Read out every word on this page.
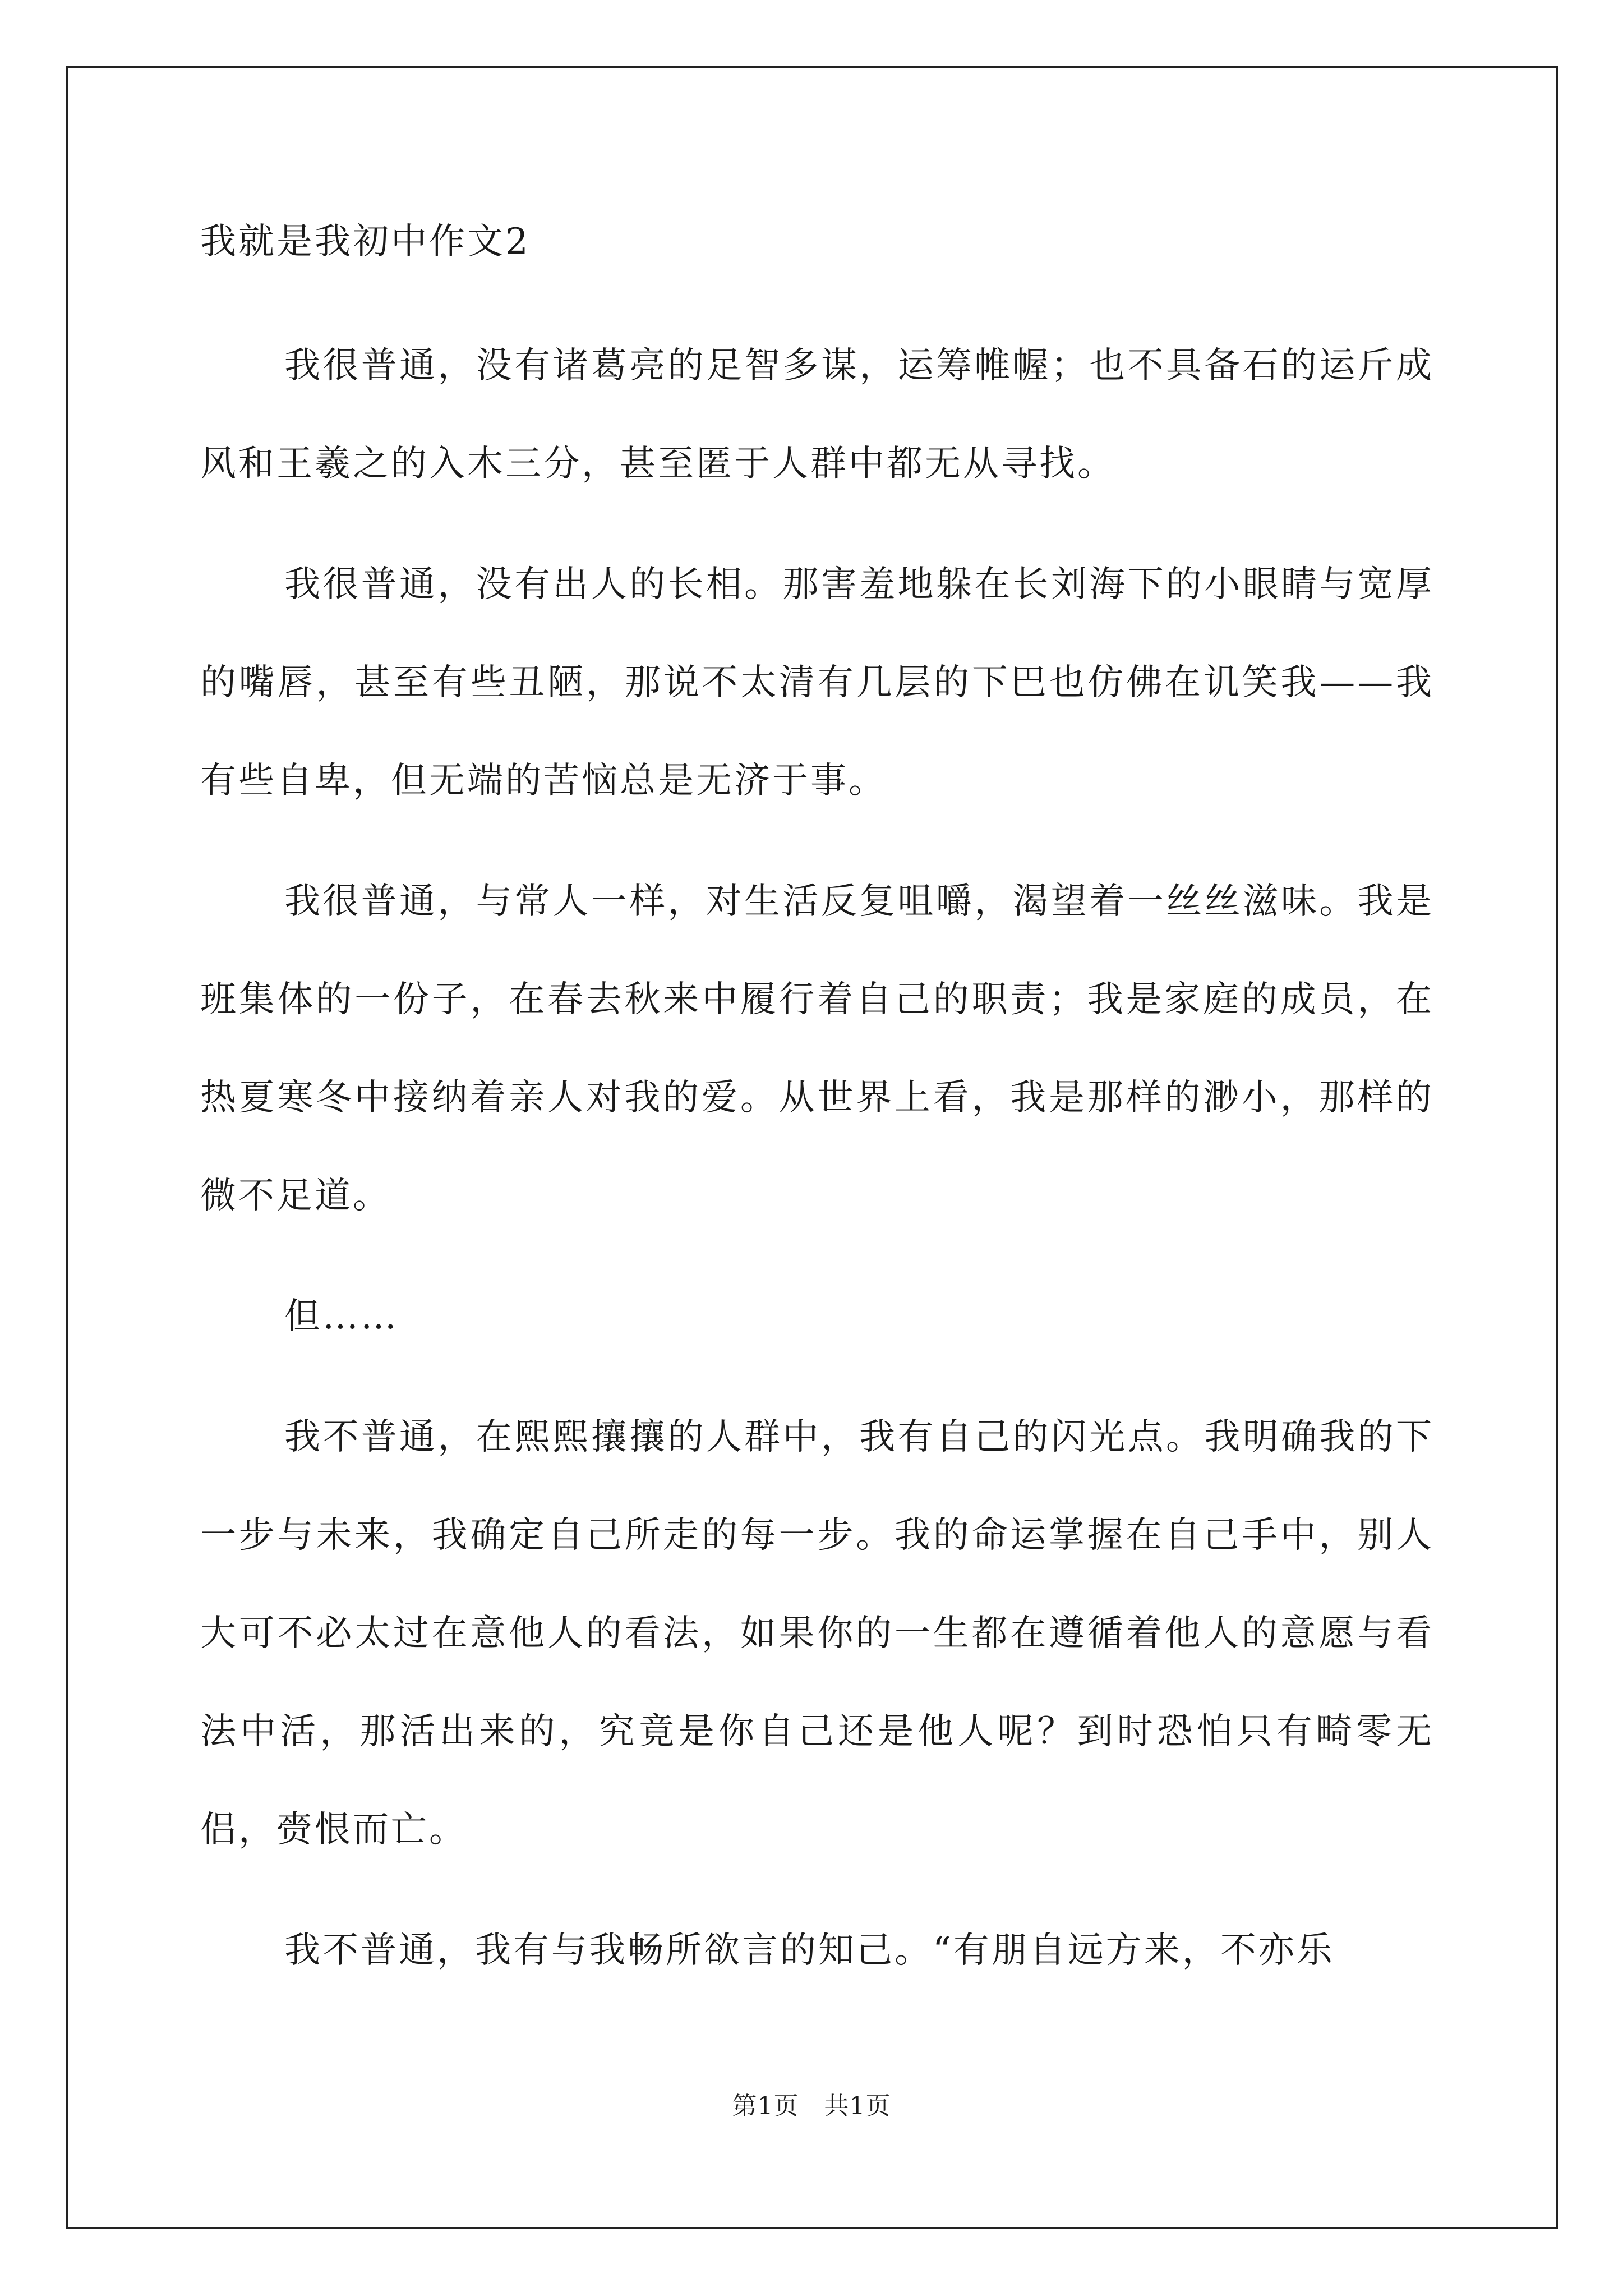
我就是我初中作文2

我很普通，没有诸葛亮的足智多谋，运筹帷幄；也不具备石的运斤成风和王羲之的入木三分，甚至匿于人群中都无从寻找。

我很普通，没有出人的长相。那害羞地躲在长刘海下的小眼睛与宽厚的嘴唇，甚至有些丑陋，那说不太清有几层的下巴也仿佛在讥笑我——我有些自卑，但无端的苦恼总是无济于事。

我很普通，与常人一样，对生活反复咀嚼，渴望着一丝丝滋味。我是班集体的一份子，在春去秋来中履行着自己的职责；我是家庭的成员，在热夏寒冬中接纳着亲人对我的爱。从世界上看，我是那样的渺小，那样的微不足道。

但……

我不普通，在熙熙攘攘的人群中，我有自己的闪光点。我明确我的下一步与未来，我确定自己所走的每一步。我的命运掌握在自己手中，别人大可不必太过在意他人的看法，如果你的一生都在遵循着他人的意愿与看法中活，那活出来的，究竟是你自己还是他人呢？到时恐怕只有畸零无侣，赍恨而亡。

我不普通，我有与我畅所欲言的知己。“有朋自远方来，不亦乐

第1页　共1页
